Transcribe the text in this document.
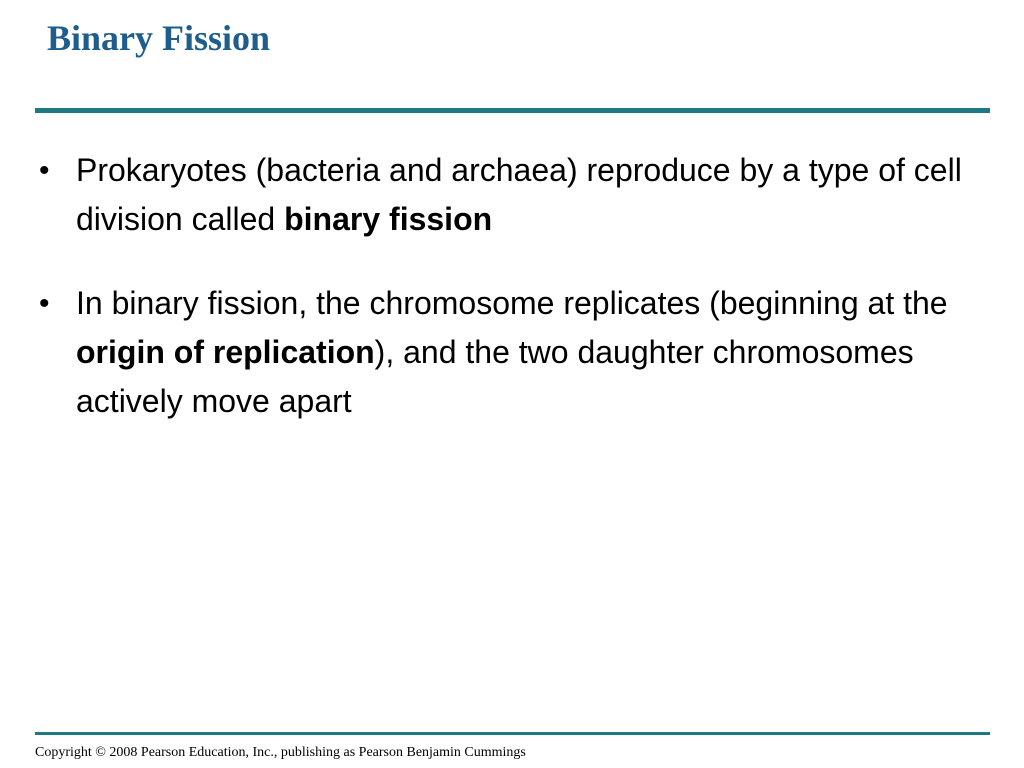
Binary Fission
• Prokaryotes (bacteria and archaea) reproduce by a type of cell division called binary fission
• In binary fission, the chromosome replicates (beginning at the origin of replication), and the two daughter chromosomes actively move apart
Copyright © 2008 Pearson Education, Inc., publishing as Pearson Benjamin Cummings
